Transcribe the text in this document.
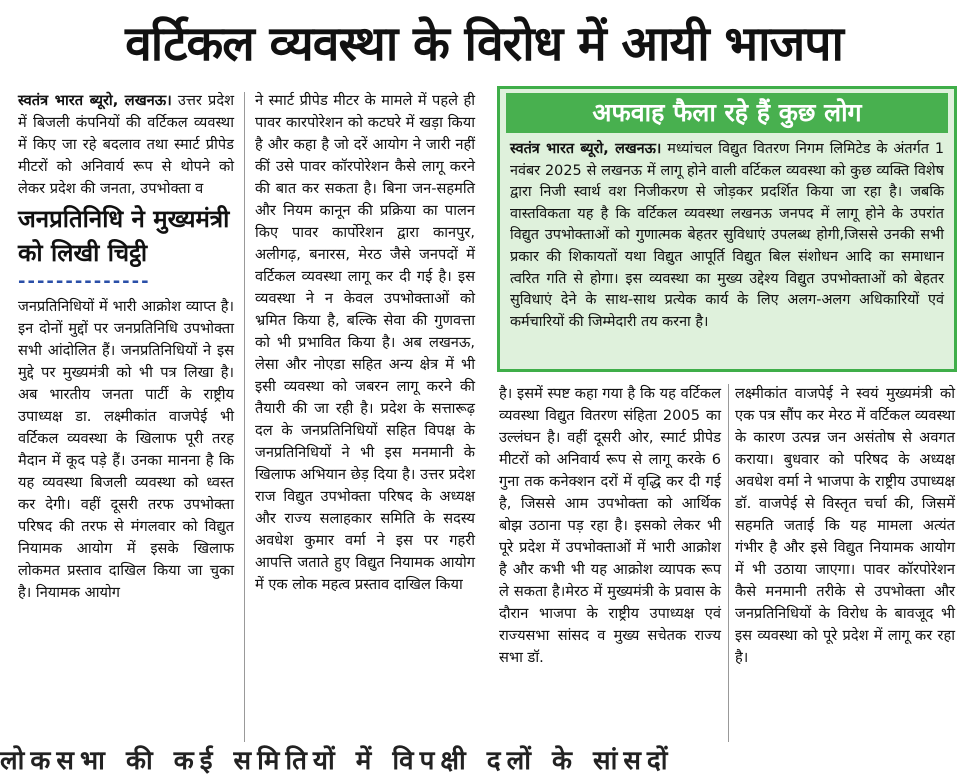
वर्टिकल व्यवस्था के विरोध में आयी भाजपा

स्वतंत्र भारत ब्यूरो, लखनऊ। उत्तर प्रदेश में बिजली कंपनियों की वर्टिकल व्यवस्था में किए जा रहे बदलाव तथा स्मार्ट प्रीपेड मीटरों को अनिवार्य रूप से थोपने को लेकर प्रदेश की जनता, उपभोक्ता व

जनप्रतिनिधि ने मुख्यमंत्री को लिखी चिट्ठी
--------------

जनप्रतिनिधियों में भारी आक्रोश व्याप्त है। इन दोनों मुद्दों पर जनप्रतिनिधि उपभोक्ता सभी आंदोलित हैं। जनप्रतिनिधियों ने इस मुद्दे पर मुख्यमंत्री को भी पत्र लिखा है। अब भारतीय जनता पार्टी के राष्ट्रीय उपाध्यक्ष डा. लक्ष्मीकांत वाजपेई भी वर्टिकल व्यवस्था के खिलाफ पूरी तरह मैदान में कूद पड़े हैं। उनका मानना है कि यह व्यवस्था बिजली व्यवस्था को ध्वस्त कर देगी। वहीं दूसरी तरफ उपभोक्ता परिषद की तरफ से मंगलवार को विद्युत नियामक आयोग में इसके खिलाफ लोकमत प्रस्ताव दाखिल किया जा चुका है। नियामक आयोग

ने स्मार्ट प्रीपेड मीटर के मामले में पहले ही पावर कारपोरेशन को कटघरे में खड़ा किया है और कहा है जो दरें आयोग ने जारी नहीं कीं उसे पावर कॉरपोरेशन कैसे लागू करने की बात कर सकता है। बिना जन-सहमति और नियम कानून की प्रक्रिया का पालन किए पावर कार्पोरेशन द्वारा कानपुर, अलीगढ़, बनारस, मेरठ जैसे जनपदों में वर्टिकल व्यवस्था लागू कर दी गई है। इस व्यवस्था ने न केवल उपभोक्ताओं को भ्रमित किया है, बल्कि सेवा की गुणवत्ता को भी प्रभावित किया है। अब लखनऊ, लेसा और नोएडा सहित अन्य क्षेत्र में भी इसी व्यवस्था को जबरन लागू करने की तैयारी की जा रही है। प्रदेश के सत्तारूढ़ दल के जनप्रतिनिधियों सहित विपक्ष के जनप्रतिनिधियों ने भी इस मनमानी के खिलाफ अभियान छेड़ दिया है। उत्तर प्रदेश राज विद्युत उपभोक्ता परिषद के अध्यक्ष और राज्य सलाहकार समिति के सदस्य अवधेश कुमार वर्मा ने इस पर गहरी आपत्ति जताते हुए विद्युत नियामक आयोग में एक लोक महत्व प्रस्ताव दाखिल किया

अफवाह फैला रहे हैं कुछ लोग
स्वतंत्र भारत ब्यूरो, लखनऊ। मध्यांचल विद्युत वितरण निगम लिमिटेड के अंतर्गत 1 नवंबर 2025 से लखनऊ में लागू होने वाली वर्टिकल व्यवस्था को कुछ व्यक्ति विशेष द्वारा निजी स्वार्थ वश निजीकरण से जोड़कर प्रदर्शित किया जा रहा है। जबकि वास्तविकता यह है कि वर्टिकल व्यवस्था लखनऊ जनपद में लागू होने के उपरांत विद्युत उपभोक्ताओं को गुणात्मक बेहतर सुविधाएं उपलब्ध होगी,जिससे उनकी सभी प्रकार की शिकायतों यथा विद्युत आपूर्ति विद्युत बिल संशोधन आदि का समाधान त्वरित गति से होगा। इस व्यवस्था का मुख्य उद्देश्य विद्युत उपभोक्ताओं को बेहतर सुविधाएं देने के साथ-साथ प्रत्येक कार्य के लिए अलग-अलग अधिकारियों एवं कर्मचारियों की जिम्मेदारी तय करना है।

है। इसमें स्पष्ट कहा गया है कि यह वर्टिकल व्यवस्था विद्युत वितरण संहिता 2005 का उल्लंघन है। वहीं दूसरी ओर, स्मार्ट प्रीपेड मीटरों को अनिवार्य रूप से लागू करके 6 गुना तक कनेक्शन दरों में वृद्धि कर दी गई है, जिससे आम उपभोक्ता को आर्थिक बोझ उठाना पड़ रहा है। इसको लेकर भी पूरे प्रदेश में उपभोक्ताओं में भारी आक्रोश है और कभी भी यह आक्रोश व्यापक रूप ले सकता है।मेरठ में मुख्यमंत्री के प्रवास के दौरान भाजपा के राष्ट्रीय उपाध्यक्ष एवं राज्यसभा सांसद व मुख्य सचेतक राज्य सभा डॉ.

लक्ष्मीकांत वाजपेई ने स्वयं मुख्यमंत्री को एक पत्र सौंप कर मेरठ में वर्टिकल व्यवस्था के कारण उत्पन्न जन असंतोष से अवगत कराया। बुधवार को परिषद के अध्यक्ष अवधेश वर्मा ने भाजपा के राष्ट्रीय उपाध्यक्ष डॉ. वाजपेई से विस्तृत चर्चा की, जिसमें सहमति जताई कि यह मामला अत्यंत गंभीर है और इसे विद्युत नियामक आयोग में भी उठाया जाएगा। पावर कॉरपोरेशन कैसे मनमानी तरीके से उपभोक्ता और जनप्रतिनिधियों के विरोध के बावजूद भी इस व्यवस्था को पूरे प्रदेश में लागू कर रहा है।

लोकसभा की कई समितियों में विपक्षी दलों के सांसदों
